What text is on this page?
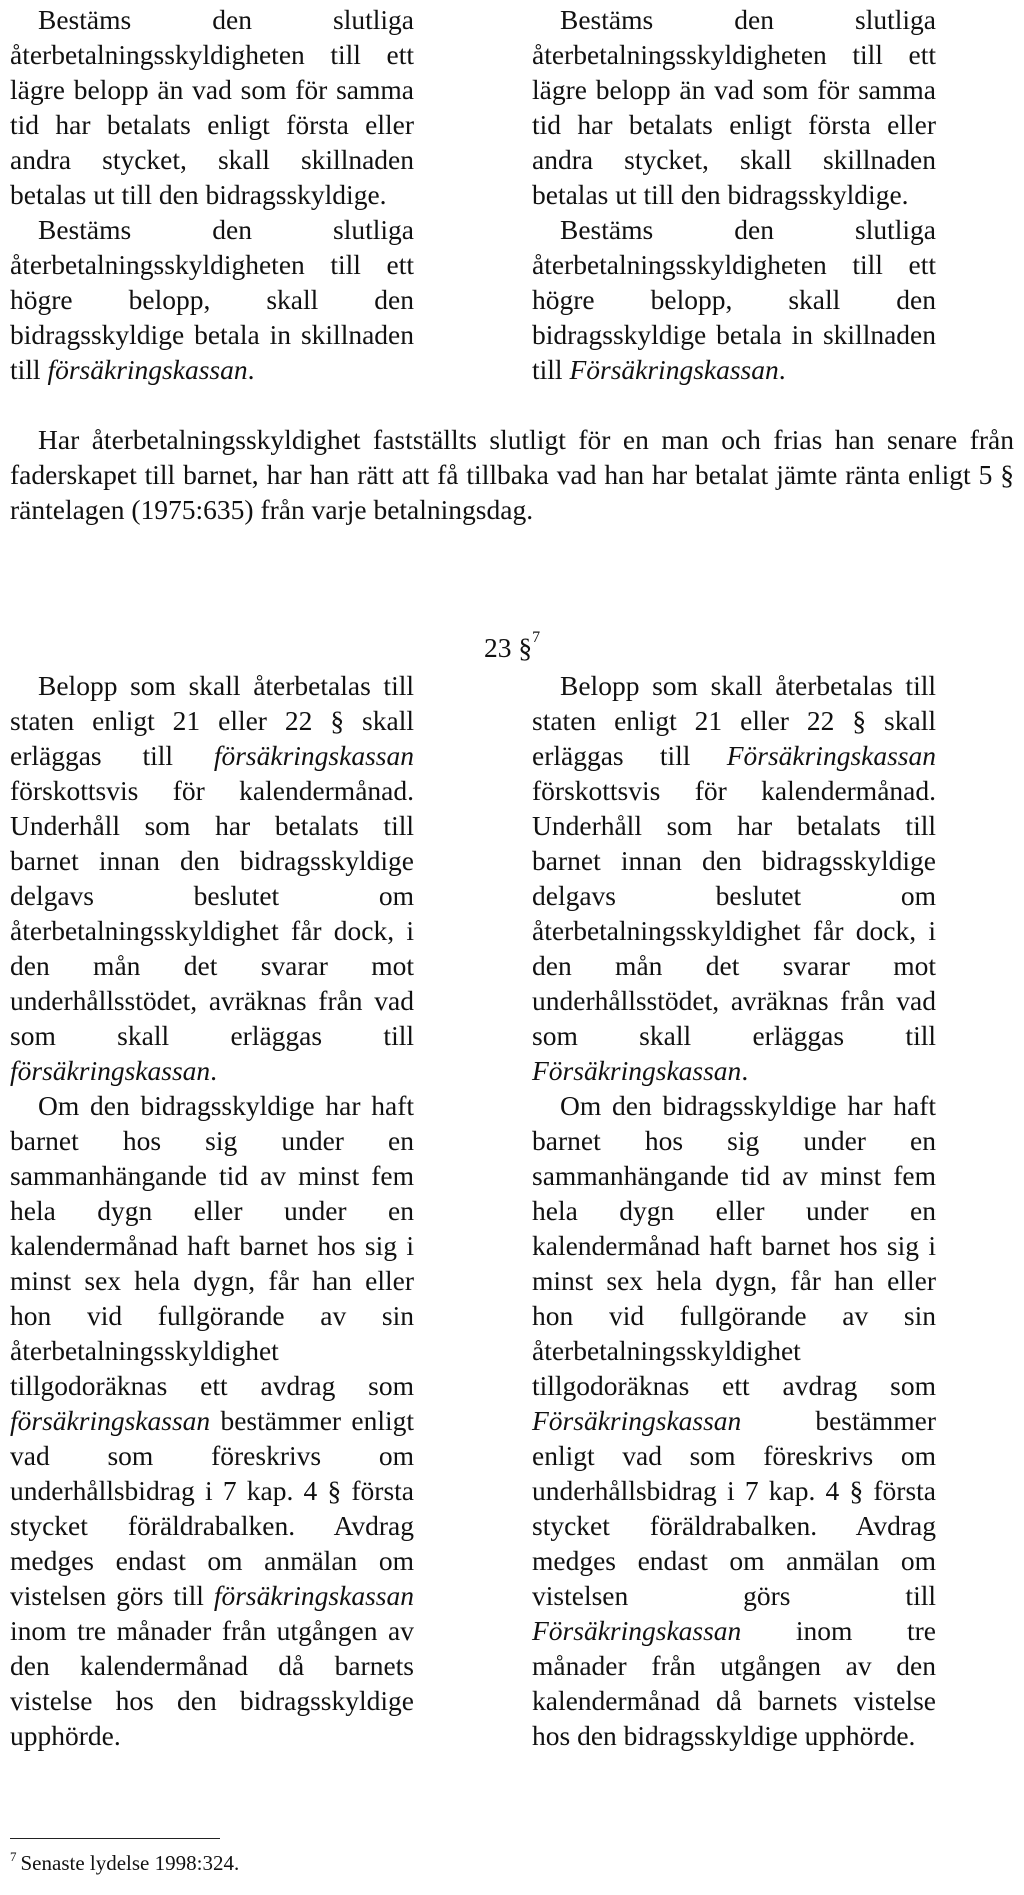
Bestäms den slutliga återbetalningsskyldigheten till ett lägre belopp än vad som för samma tid har betalats enligt första eller andra stycket, skall skillnaden betalas ut till den bidragsskyldige.

Bestäms den slutliga återbetalningsskyldigheten till ett högre belopp, skall den bidragsskyldige betala in skillnaden till försäkringskassan.

Bestäms den slutliga återbetalningsskyldigheten till ett lägre belopp än vad som för samma tid har betalats enligt första eller andra stycket, skall skillnaden betalas ut till den bidragsskyldige.

Bestäms den slutliga återbetalningsskyldigheten till ett högre belopp, skall den bidragsskyldige betala in skillnaden till Försäkringskassan.

Har återbetalningsskyldighet fastställts slutligt för en man och frias han senare från faderskapet till barnet, har han rätt att få tillbaka vad han har betalat jämte ränta enligt 5 § räntelagen (1975:635) från varje betalningsdag.
23 §$^7$

Belopp som skall återbetalas till staten enligt 21 eller 22 § skall erläggas till försäkringskassan förskottsvis för kalendermånad. Underhåll som har betalats till barnet innan den bidragsskyldige delgavs beslutet om återbetalningsskyldighet får dock, i den mån det svarar mot underhållsstödet, avräknas från vad som skall erläggas till försäkringskassan.

Om den bidragsskyldige har haft barnet hos sig under en sammanhängande tid av minst fem hela dygn eller under en kalendermånad haft barnet hos sig i minst sex hela dygn, får han eller hon vid fullgörande av sin återbetalningsskyldighet tillgodoräknas ett avdrag som försäkringskassan bestämmer enligt vad som föreskrivs om underhållsbidrag i 7 kap. 4 § första stycket föräldrabalken. Avdrag medges endast om anmälan om vistelsen görs till försäkringskassan inom tre månader från utgången av den kalendermånad då barnets vistelse hos den bidragsskyldige upphörde.

Belopp som skall återbetalas till staten enligt 21 eller 22 § skall erläggas till Försäkringskassan förskottsvis för kalendermånad. Underhåll som har betalats till barnet innan den bidragsskyldige delgavs beslutet om återbetalningsskyldighet får dock, i den mån det svarar mot underhållsstödet, avräknas från vad som skall erläggas till Försäkringskassan.

Om den bidragsskyldige har haft barnet hos sig under en sammanhängande tid av minst fem hela dygn eller under en kalendermånad haft barnet hos sig i minst sex hela dygn, får han eller hon vid fullgörande av sin återbetalningsskyldighet tillgodoräknas ett avdrag som Försäkringskassan bestämmer enligt vad som föreskrivs om underhållsbidrag i 7 kap. 4 § första stycket föräldrabalken. Avdrag medges endast om anmälan om vistelsen görs till Försäkringskassan inom tre månader från utgången av den kalendermånad då barnets vistelse hos den bidragsskyldige upphörde.

$^7$ Senaste lydelse 1998:324.
